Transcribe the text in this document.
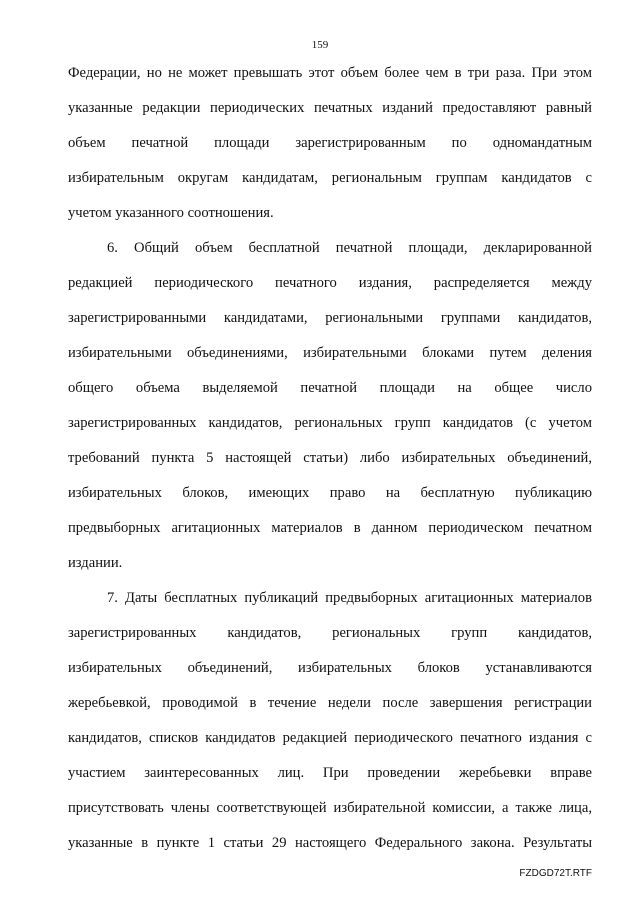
159
Федерации, но не может превышать этот объем более чем в три раза. При этом
указанные редакции периодических печатных изданий предоставляют равный
объем печатной площади зарегистрированным по одномандатным
избирательным округам кандидатам, региональным группам кандидатов с
учетом указанного соотношения.
6. Общий объем бесплатной печатной площади, декларированной
редакцией периодического печатного издания, распределяется между
зарегистрированными кандидатами, региональными группами кандидатов,
избирательными объединениями, избирательными блоками путем деления
общего объема выделяемой печатной площади на общее число
зарегистрированных кандидатов, региональных групп кандидатов (с учетом
требований пункта 5 настоящей статьи) либо избирательных объединений,
избирательных блоков, имеющих право на бесплатную публикацию
предвыборных агитационных материалов в данном периодическом печатном
издании.
7. Даты бесплатных публикаций предвыборных агитационных материалов
зарегистрированных кандидатов, региональных групп кандидатов,
избирательных объединений, избирательных блоков устанавливаются
жеребьевкой, проводимой в течение недели после завершения регистрации
кандидатов, списков кандидатов редакцией периодического печатного издания с
участием заинтересованных лиц. При проведении жеребьевки вправе
присутствовать члены соответствующей избирательной комиссии, а также лица,
указанные в пункте 1 статьи 29 настоящего Федерального закона. Результаты
FZDGD72T.RTF
